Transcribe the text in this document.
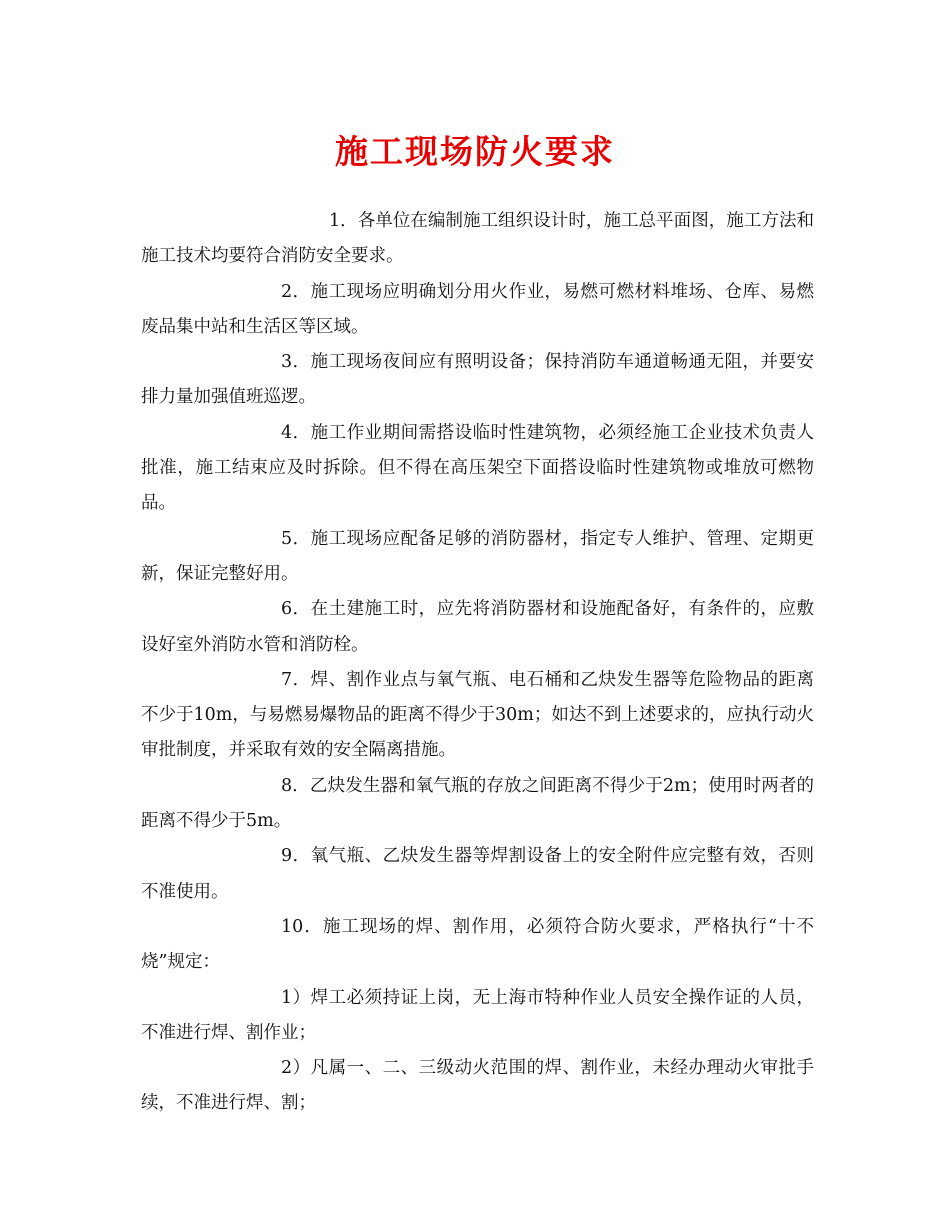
施工现场防火要求

1．各单位在编制施工组织设计时，施工总平面图，施工方法和施工技术均要符合消防安全要求。

2．施工现场应明确划分用火作业，易燃可燃材料堆场、仓库、易燃废品集中站和生活区等区域。

3．施工现场夜间应有照明设备；保持消防车通道畅通无阻，并要安排力量加强值班巡逻。

4．施工作业期间需搭设临时性建筑物，必须经施工企业技术负责人批准，施工结束应及时拆除。但不得在高压架空下面搭设临时性建筑物或堆放可燃物品。

5．施工现场应配备足够的消防器材，指定专人维护、管理、定期更新，保证完整好用。

6．在土建施工时，应先将消防器材和设施配备好，有条件的，应敷设好室外消防水管和消防栓。

7．焊、割作业点与氧气瓶、电石桶和乙炔发生器等危险物品的距离不少于10m，与易燃易爆物品的距离不得少于30m；如达不到上述要求的，应执行动火审批制度，并采取有效的安全隔离措施。

8．乙炔发生器和氧气瓶的存放之间距离不得少于2m；使用时两者的距离不得少于5m。

9．氧气瓶、乙炔发生器等焊割设备上的安全附件应完整有效，否则不准使用。

10．施工现场的焊、割作用，必须符合防火要求，严格执行“十不烧”规定：

1）焊工必须持证上岗，无上海市特种作业人员安全操作证的人员，不准进行焊、割作业；

2）凡属一、二、三级动火范围的焊、割作业，未经办理动火审批手续，不准进行焊、割；
